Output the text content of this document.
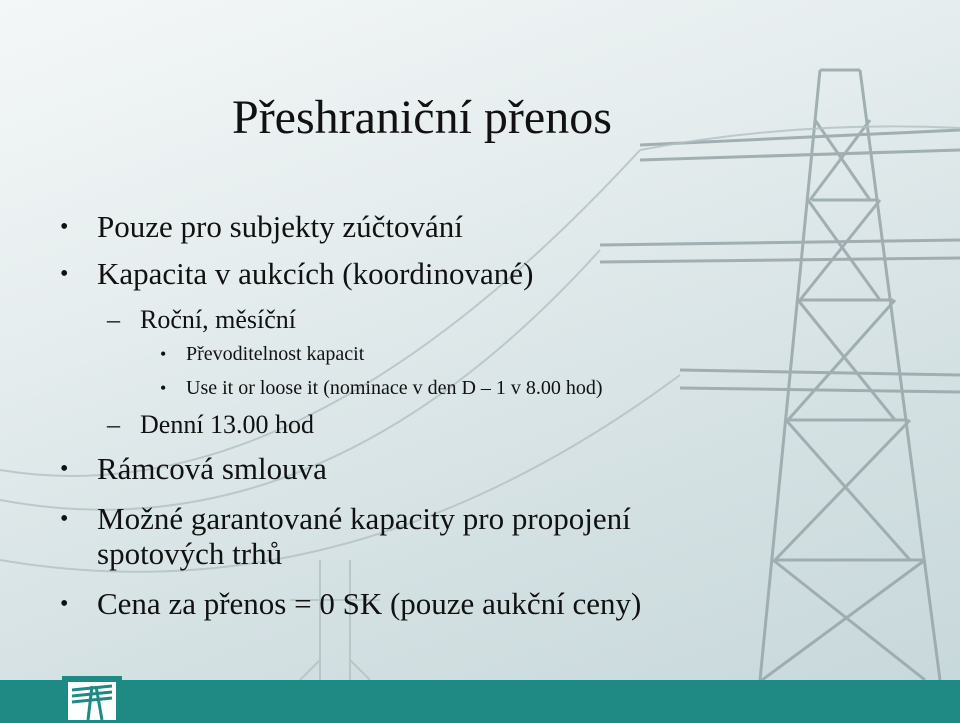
Přeshraniční přenos
• Pouze pro subjekty zúčtování
• Kapacita v aukcích (koordinované)
– Roční, měsíční
• Převoditelnost kapacit
• Use it or loose it (nominace v den D – 1 v 8.00 hod)
– Denní 13.00 hod
• Rámcová smlouva
• Možné garantované kapacity pro propojení
spotových trhů
• Cena za přenos = 0 SK (pouze aukční ceny)
